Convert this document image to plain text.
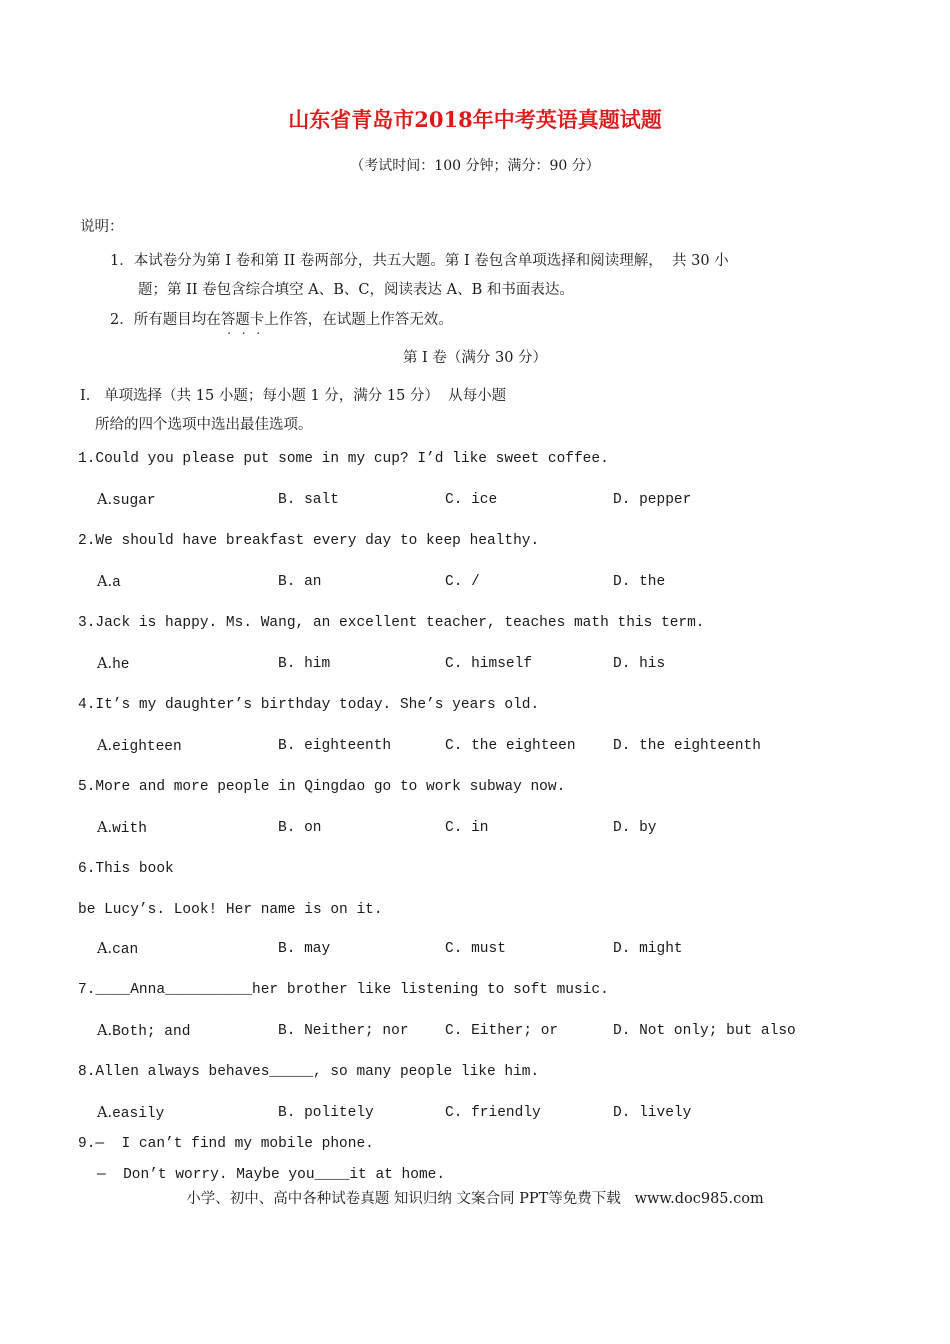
山东省青岛市2018年中考英语真题试题
（考试时间：100 分钟；满分：90 分）
说明：
1．本试卷分为第 I 卷和第 II 卷两部分，共五大题。第 I 卷包含单项选择和阅读理解，  共 30 小
题；第 II 卷包含综合填空 A、B、C，阅读表达 A、B 和书面表达。
2．所有题目均在答题卡上作答，在试题上作答无效。
第 I 卷（满分 30 分）
I.   单项选择（共 15 小题；每小题 1 分，满分 15 分）  从每小题
所给的四个选项中选出最佳选项。
1.Could you please put some in my cup? I’d like sweet coffee.
A.sugar	B. salt	C. ice	D. pepper
2.We should have breakfast every day to keep healthy.
A.a	B. an	C. /	D. the
3.Jack is happy. Ms. Wang, an excellent teacher, teaches math this term.
A.he	B. him	C. himself	D. his
4.It’s my daughter’s birthday today. She’s years old.
A.eighteen	B. eighteenth	C. the eighteen	D. the eighteenth
5.More and more people in Qingdao go to work subway now.
A.with	B. on	C. in	D. by
6.This book
be Lucy’s. Look! Her name is on it.
A.can	B. may	C. must	D. might
7.____Anna__________her brother like listening to soft music.
A.Both; and	B. Neither; nor	C. Either; or	D. Not only; but also
8.Allen always behaves_____, so many people like him.
A.easily	B. politely	C. friendly	D. lively
9.—  I can’t find my mobile phone.
—  Don’t worry. Maybe you____it at home.
小学、初中、高中各种试卷真题 知识归纳 文案合同 PPT等免费下载   www.doc985.com
